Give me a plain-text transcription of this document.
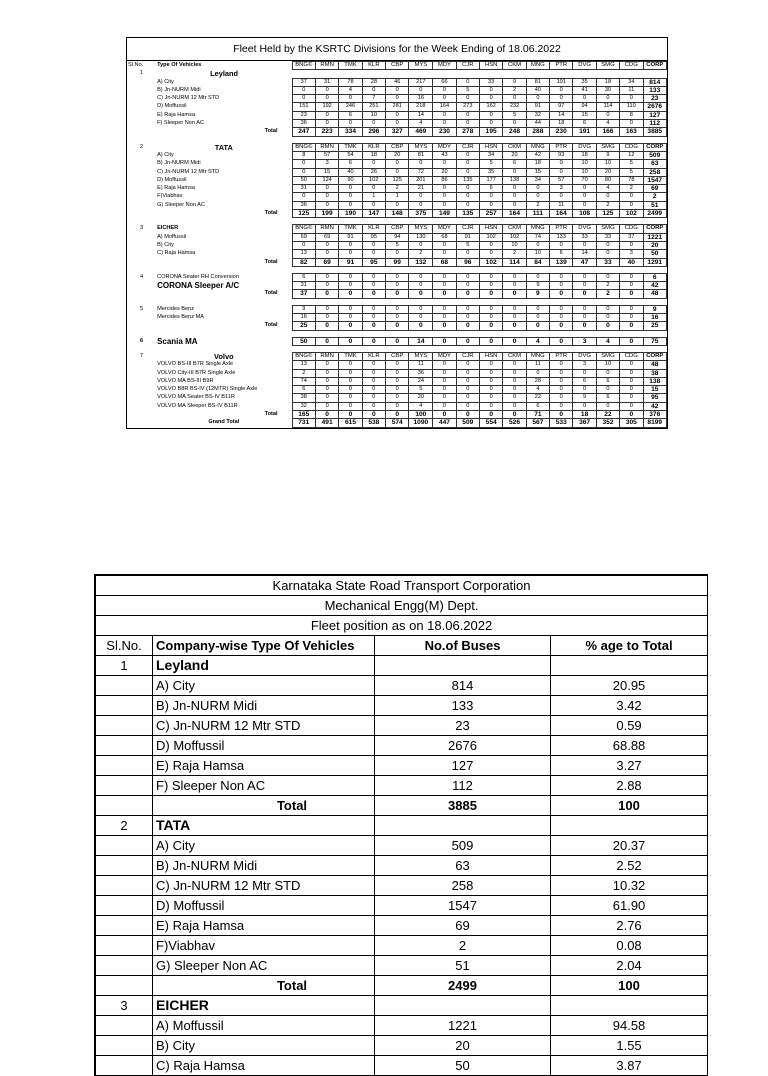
Fleet Held by the KSRTC Divisions for the Week Ending of 18.06.2022
Sl.No.	Type Of Vehicles	BNG©	RMN	TMK	KLR	CBP	MYS	MDY	CJR	HSN	CKM	MNG	PTR	DVG	SMG	CDG	CORP
1	Leyland																
	A) City	37	31	78	28	46	217	66	0	33	9	81	101	35	18	34	814
	B) Jn-NURM Midi	0	0	4	0	0	0	0	5	0	2	40	0	41	30	11	133
	C) Jn-NURM 12 Mtr STD	0	0	0	7	0	16	0	0	0	0	0	0	0	0	0	23
	D) Moffussil	151	192	246	251	281	218	164	273	162	232	91	97	94	114	110	2676
	E) Raja Hamsa	23	0	6	10	0	14	0	0	0	5	32	14	15	0	8	127
	F) Sleeper Non AC	36	0	0	0	0	4	0	0	0	0	44	18	6	4	0	112
	Total	247	223	334	296	327	469	230	278	195	248	288	230	191	166	163	3885

2	TATA	BNG©	RMN	TMK	KLR	CBP	MYS	MDY	CJR	HSN	CKM	MNG	PTR	DVG	SMG	CDG	CORP
	A) City	8	57	54	18	20	81	43	0	34	20	42	93	18	9	12	509
	B) Jn-NURM Midi	0	3	6	0	0	0	0	0	5	6	18	0	10	10	5	63
	C) Jn-NURM 12 Mtr STD	0	15	40	26	0	72	20	0	35	0	15	0	10	20	5	258
	D) Moffussil	50	124	90	102	125	201	86	135	177	138	34	57	70	80	78	1547
	E) Raja Hamsa	31	0	0	0	2	21	0	0	6	0	0	3	0	4	2	69
	F)Viabhav	0	0	0	1	1	0	0	0	0	0	0	0	0	0	0	2
	G) Sleeper Non AC	36	0	0	0	0	0	0	0	0	0	2	11	0	2	0	51
	Total	125	199	190	147	148	375	149	135	257	164	111	164	108	125	102	2499

3	EICHER	BNG©	RMN	TMK	KLR	CBP	MYS	MDY	CJR	HSN	CKM	MNG	PTR	DVG	SMG	CDG	CORP
	A) Moffussil	69	69	91	95	94	130	68	91	102	102	74	133	33	33	37	1221
	B) City	0	0	0	0	5	0	0	5	0	10	0	0	0	0	0	20
	C) Raja Hamsa	13	0	0	0	0	2	0	0	0	2	10	6	14	0	3	50
	Total	82	69	91	95	99	132	68	96	102	114	84	139	47	33	40	1291

4	CORONA Seater RH Conversion	6	0	0	0	0	0	0	0	0	0	0	0	0	0	0	6
	CORONA Sleeper A/C	31	0	0	0	0	0	0	0	0	0	9	0	0	2	0	42
	Total	37	0	0	0	0	0	0	0	0	0	9	0	0	2	0	48

5	Mercides Benz	9	0	0	0	0	0	0	0	0	0	0	0	0	0	0	9
	Mercides Benz MA	16	0	0	0	0	0	0	0	0	0	0	0	0	0	0	16
	Total	25	0	0	0	0	0	0	0	0	0	0	0	0	0	0	25

6	Scania MA	50	0	0	0	0	14	0	0	0	0	4	0	3	4	0	75

7	Volvo	BNG©	RMN	TMK	KLR	CBP	MYS	MDY	CJR	HSN	CKM	MNG	PTR	DVG	SMG	CDG	CORP
	VOLVO BS-III B7R Single Axle	13	0	0	0	0	11	0	0	0	0	11	0	3	10	0	48
	VOLVO City-III B7R Single Axle	2	0	0	0	0	36	0	0	0	0	0	0	0	0	0	38
	VOLVO MA BS-III B9R	74	0	0	0	0	24	0	0	0	0	28	0	6	6	0	138
	VOLVO B8R BS-IV (12MTR) Single Axle	6	0	0	0	0	5	0	0	0	0	4	0	0	0	0	15
	VOLVO MA Seater BS-IV B11R	38	0	0	0	0	20	0	0	0	0	22	0	9	6	0	95
	VOLVO MA Sleeper BS-IV B11R	32	0	0	0	0	4	0	0	0	0	6	0	0	0	0	42
	Total	165	0	0	0	0	100	0	0	0	0	71	0	18	22	0	376
	Grand Total	731	491	615	538	574	1090	447	509	554	526	567	533	367	352	305	8199
Karnataka State Road Transport Corporation			
Mechanical Engg(M) Dept.			
Fleet position as on 18.06.2022			
Sl.No.	Company-wise Type Of Vehicles	No.of Buses	% age to Total
1	Leyland		
	A) City	814	20.95
	B) Jn-NURM Midi	133	3.42
	C) Jn-NURM 12 Mtr STD	23	0.59
	D) Moffussil	2676	68.88
	E) Raja Hamsa	127	3.27
	F) Sleeper Non AC	112	2.88
	Total	3885	100
2	TATA		
	A) City	509	20.37
	B) Jn-NURM Midi	63	2.52
	C) Jn-NURM 12 Mtr STD	258	10.32
	D) Moffussil	1547	61.90
	E) Raja Hamsa	69	2.76
	F)Viabhav	2	0.08
	G) Sleeper Non AC	51	2.04
	Total	2499	100
3	EICHER		
	A) Moffussil	1221	94.58
	B) City	20	1.55
	C) Raja Hamsa	50	3.87
